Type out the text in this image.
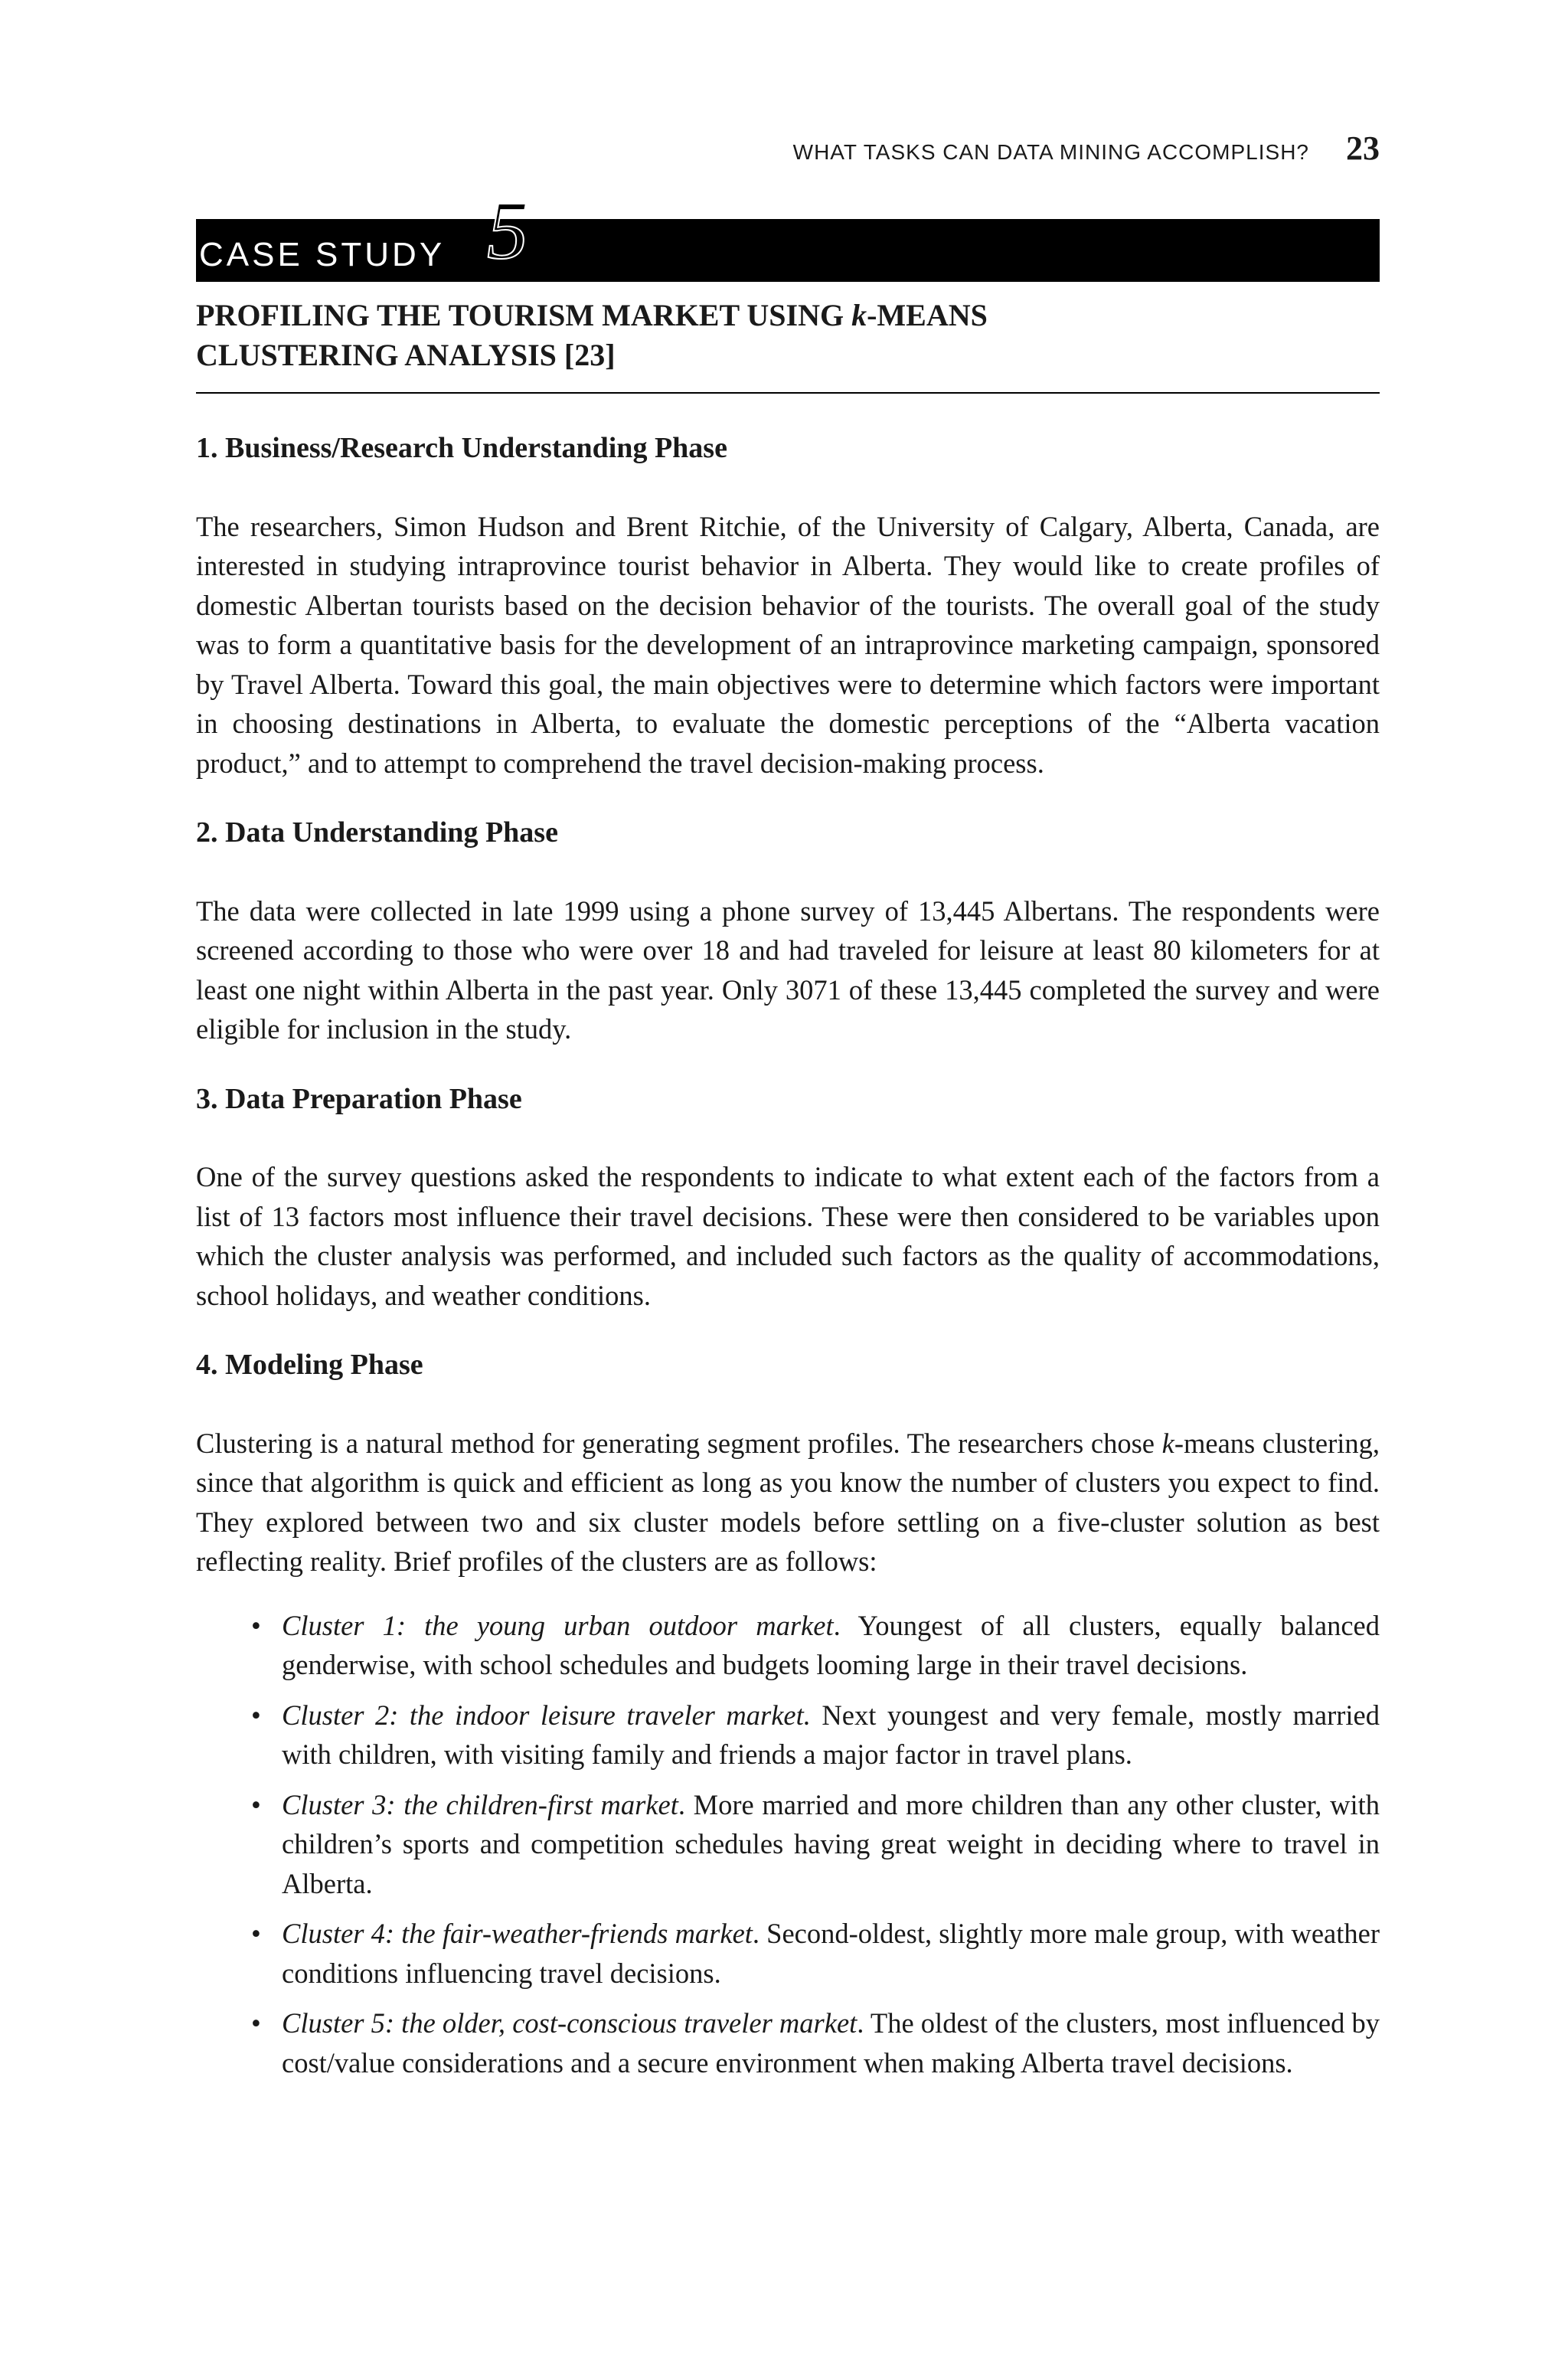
WHAT TASKS CAN DATA MINING ACCOMPLISH? 23
CASE STUDY 5
PROFILING THE TOURISM MARKET USING k-MEANS
CLUSTERING ANALYSIS [23]
1. Business/Research Understanding Phase

The researchers, Simon Hudson and Brent Ritchie, of the University of Calgary, Alberta, Canada, are interested in studying intraprovince tourist behavior in Alberta. They would like to create profiles of domestic Albertan tourists based on the decision behavior of the tourists. The overall goal of the study was to form a quantitative basis for the development of an intraprovince marketing campaign, sponsored by Travel Alberta. Toward this goal, the main objectives were to determine which factors were important in choosing destinations in Alberta, to evaluate the domestic perceptions of the “Alberta vacation product,” and to attempt to comprehend the travel decision-making process.

2. Data Understanding Phase

The data were collected in late 1999 using a phone survey of 13,445 Albertans. The respondents were screened according to those who were over 18 and had traveled for leisure at least 80 kilometers for at least one night within Alberta in the past year. Only 3071 of these 13,445 completed the survey and were eligible for inclusion in the study.

3. Data Preparation Phase

One of the survey questions asked the respondents to indicate to what extent each of the factors from a list of 13 factors most influence their travel decisions. These were then considered to be variables upon which the cluster analysis was performed, and included such factors as the quality of accommodations, school holidays, and weather conditions.

4. Modeling Phase

Clustering is a natural method for generating segment profiles. The researchers chose k-means clustering, since that algorithm is quick and efficient as long as you know the number of clusters you expect to find. They explored between two and six cluster models before settling on a five-cluster solution as best reflecting reality. Brief profiles of the clusters are as follows:

• Cluster 1: the young urban outdoor market. Youngest of all clusters, equally balanced genderwise, with school schedules and budgets looming large in their travel decisions.
• Cluster 2: the indoor leisure traveler market. Next youngest and very female, mostly married with children, with visiting family and friends a major factor in travel plans.
• Cluster 3: the children-first market. More married and more children than any other cluster, with children’s sports and competition schedules having great weight in deciding where to travel in Alberta.
• Cluster 4: the fair-weather-friends market. Second-oldest, slightly more male group, with weather conditions influencing travel decisions.
• Cluster 5: the older, cost-conscious traveler market. The oldest of the clusters, most influenced by cost/value considerations and a secure environment when making Alberta travel decisions.
